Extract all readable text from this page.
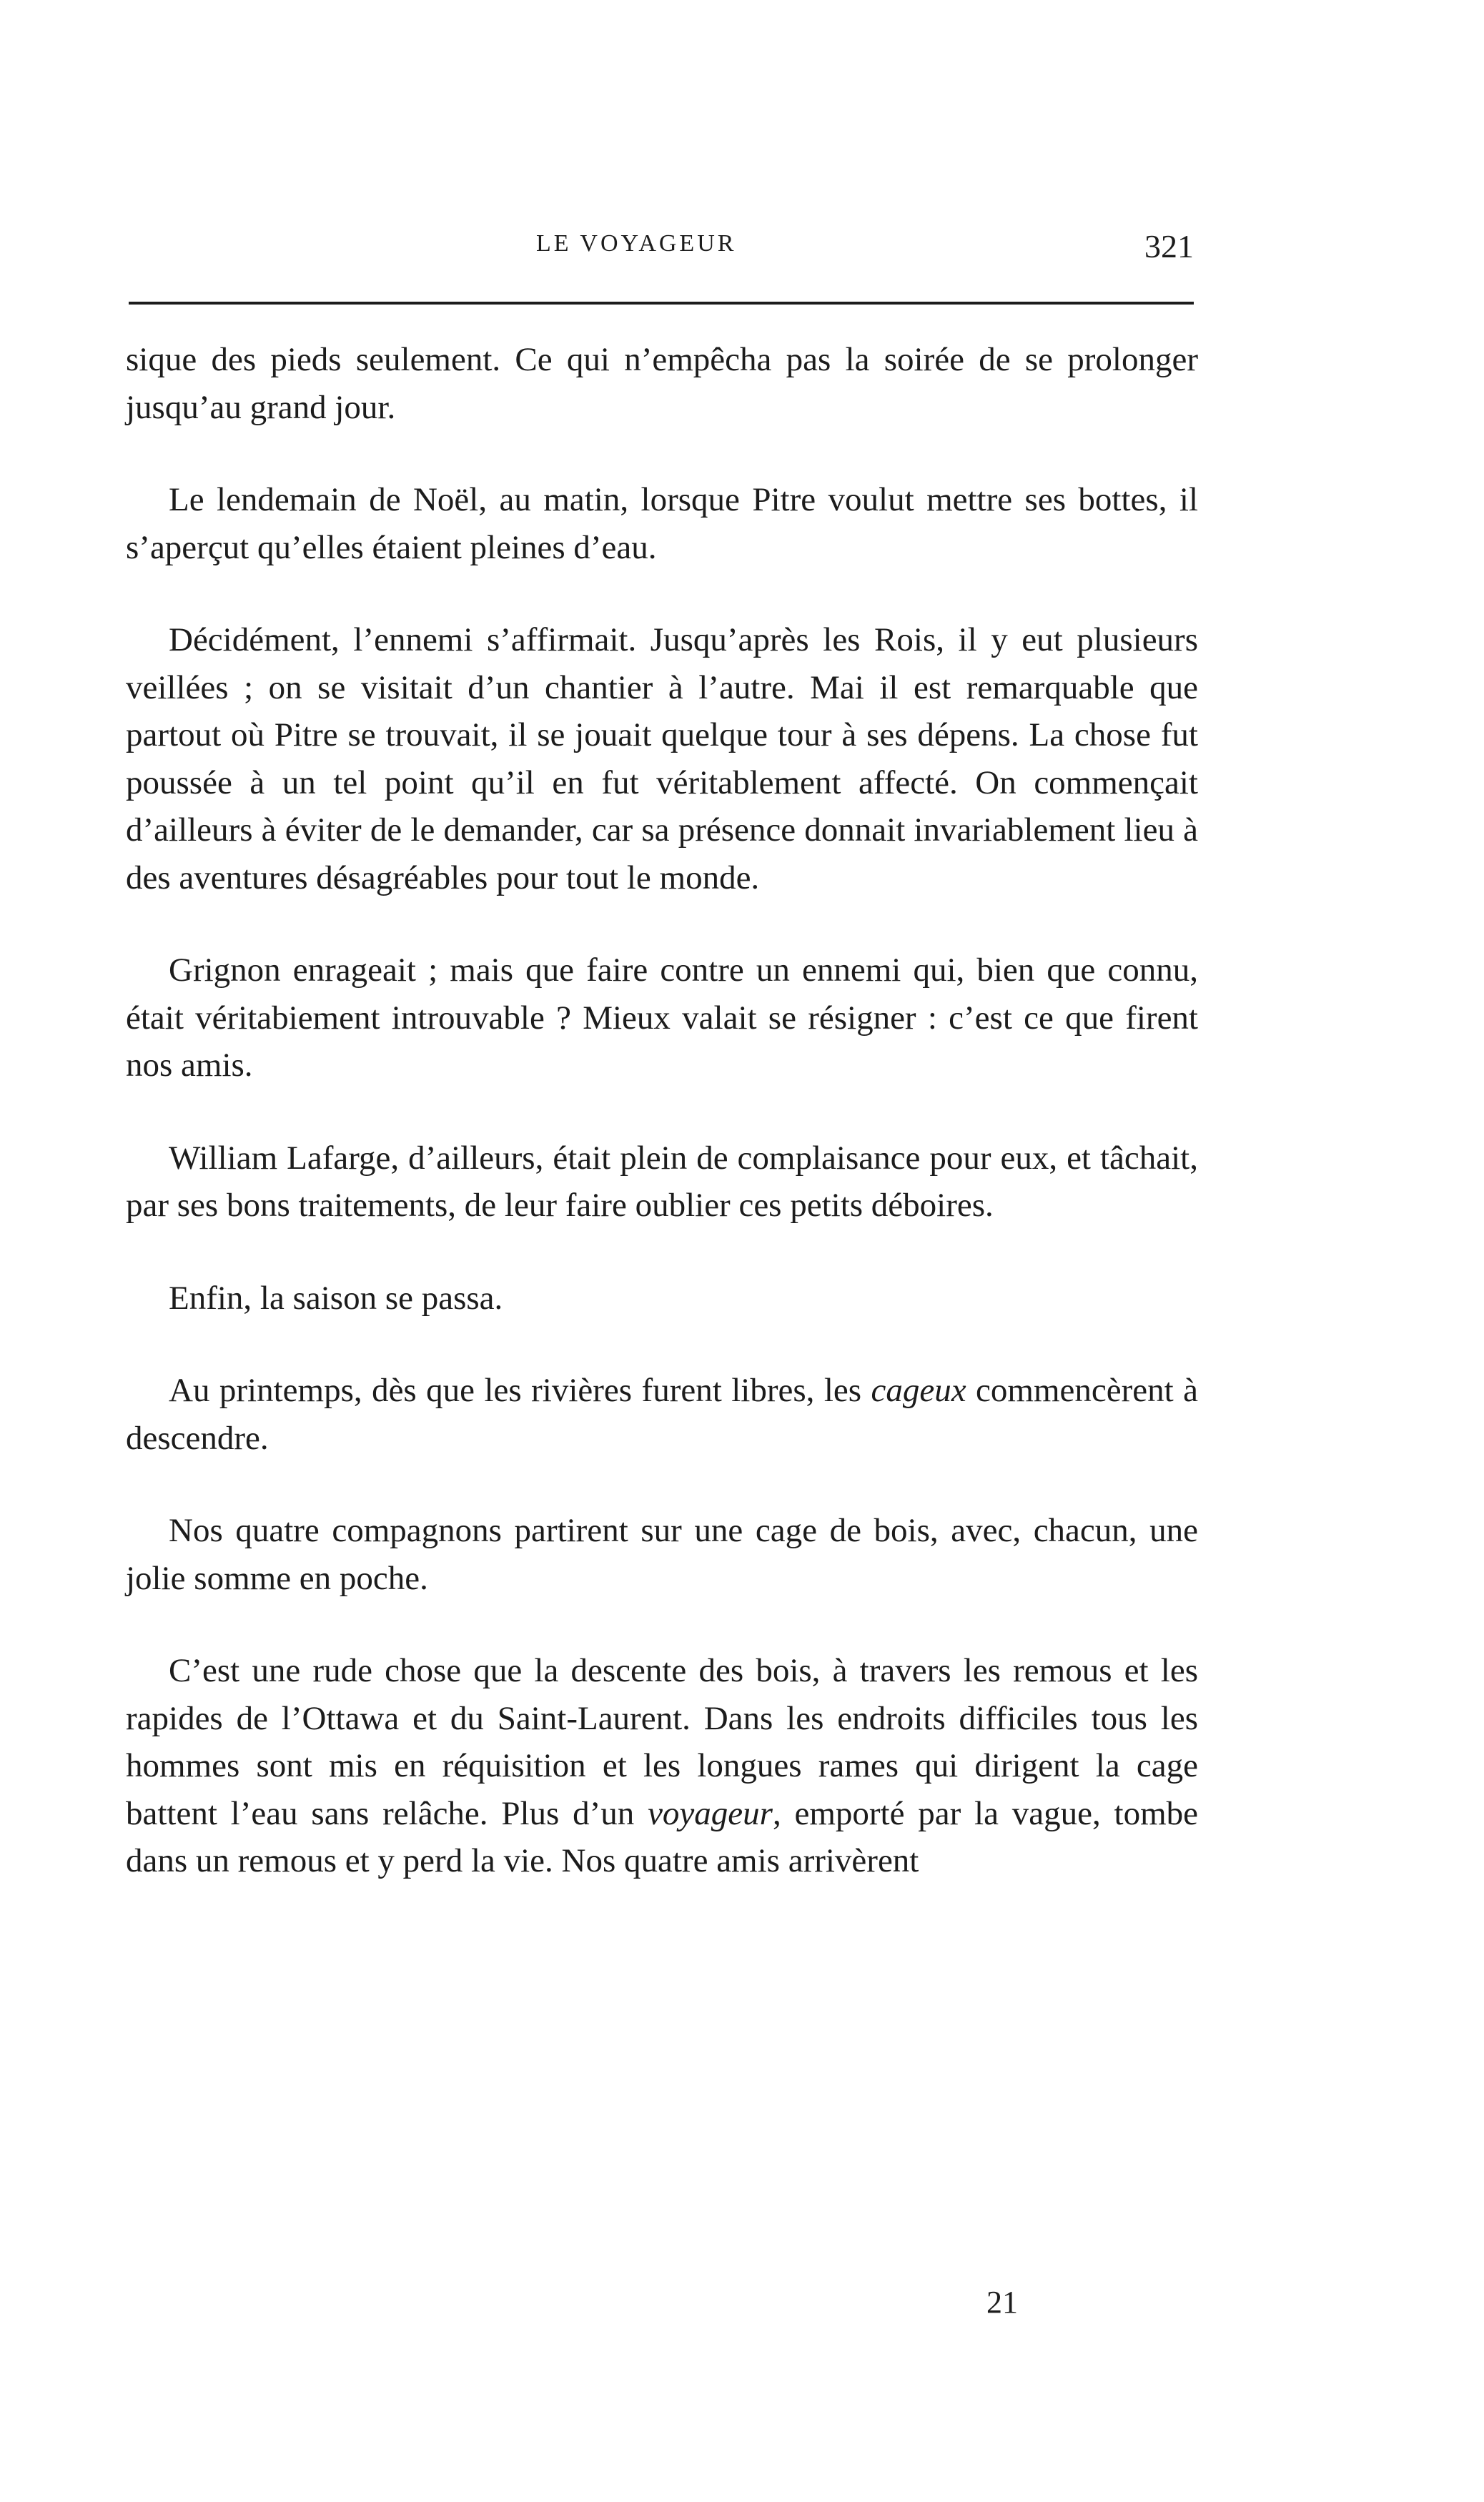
LE VOYAGEUR	321

sique des pieds seulement. Ce qui n’empêcha pas la soirée de se prolonger jusqu’au grand jour.

Le lendemain de Noël, au matin, lorsque Pitre voulut mettre ses bottes, il s’aperçut qu’elles étaient pleines d’eau.

Décidément, l’ennemi s’affirmait. Jusqu’après les Rois, il y eut plusieurs veillées ; on se visitait d’un chantier à l’autre. Mai il est remarquable que partout où Pitre se trouvait, il se jouait quelque tour à ses dépens. La chose fut poussée à un tel point qu’il en fut véritablement affecté. On commençait d’ailleurs à éviter de le demander, car sa présence donnait invariablement lieu à des aventures désagréables pour tout le monde.

Grignon enrageait ; mais que faire contre un ennemi qui, bien que connu, était véritabiement introuvable ? Mieux valait se résigner : c’est ce que firent nos amis.

William Lafarge, d’ailleurs, était plein de complaisance pour eux, et tâchait, par ses bons traitements, de leur faire oublier ces petits déboires.

Enfin, la saison se passa.

Au printemps, dès que les rivières furent libres, les cageux commencèrent à descendre.

Nos quatre compagnons partirent sur une cage de bois, avec, chacun, une jolie somme en poche.

C’est une rude chose que la descente des bois, à travers les remous et les rapides de l’Ottawa et du Saint-Laurent. Dans les endroits difficiles tous les hommes sont mis en réquisition et les longues rames qui dirigent la cage battent l’eau sans relâche. Plus d’un voyageur, emporté par la vague, tombe dans un remous et y perd la vie. Nos quatre amis arrivèrent

21
